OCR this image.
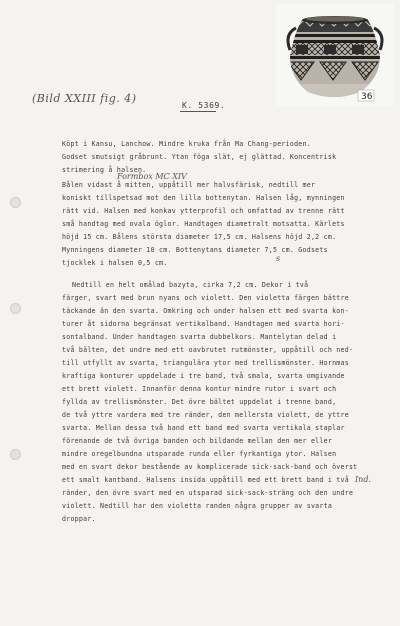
36
(Bild XXIII fig. 4)
K. 5369.
Formbox MC XIV
s
Ind.
Köpt i Kansu, Lanchow. Mindre kruka från Ma Chang-perioden.
Godset smutsigt gråbrunt. Ytan föga slät, ej glättad. Koncentrisk
strimering å halsen.
Bålen vidast å mitten, uppåtill mer halvsfärisk, nedtill mer
koniskt tillspetsad mot den lilla bottenytan. Halsen låg, mynningen
rätt vid. Halsen med konkav ytterprofil och omfattad av trenne rätt
små handtag med ovala öglor. Handtagen diametralt motsatta. Kärlets
höjd 15 cm. Bålens största diameter 17,5 cm. Halsens höjd 2,2 cm.
Mynningens diameter 10 cm. Bottenytans diameter 7,5 cm. Godsets
tjocklek i halsen 0,5 cm.
Nedtill en helt omålad bazyta, cirka 7,2 cm. Dekor i två
färger, svart med brun nyans och violett. Den violetta färgen bättre
täckande än den svarta. Omkring och under halsen ett med svarta kon-
turer åt sidorna begränsat vertikalband. Handtagen med svarta hori-
sontalband. Under handtagen svarta dubbelkors. Mantelytan delad i
två bälten, det undre med ett oavbrutet rutmönster, uppåtill och ned-
till utfyllt av svarta, triangulära ytor med trellismönster. Hornmas
kraftiga konturer uppdelade i tre band, två smala, svarta omgivande
ett brett violett. Innanför denna kontur mindre rutor i svart och
fyllda av trellismönster. Det övre bältet uppdelat i trenne band,
de två yttre vardera med tre ränder, den mellersta violett, de yttre
svarta. Mellan dessa två band ett band med svarta vertikala staplar
förenande de två övriga banden och bildande mellan den mer eller
mindre oregelbundna utsparade runda eller fyrkantiga ytor. Halsen
med en svart dekor bestående av komplicerade sick-sack-band och överst
ett smalt kantband. Halsens insida uppåtill med ett brett band i två
ränder, den övre svart med en utsparad sick-sack-sträng och den undre
violett. Nedtill har den violetta randen några grupper av svarta
droppar.
